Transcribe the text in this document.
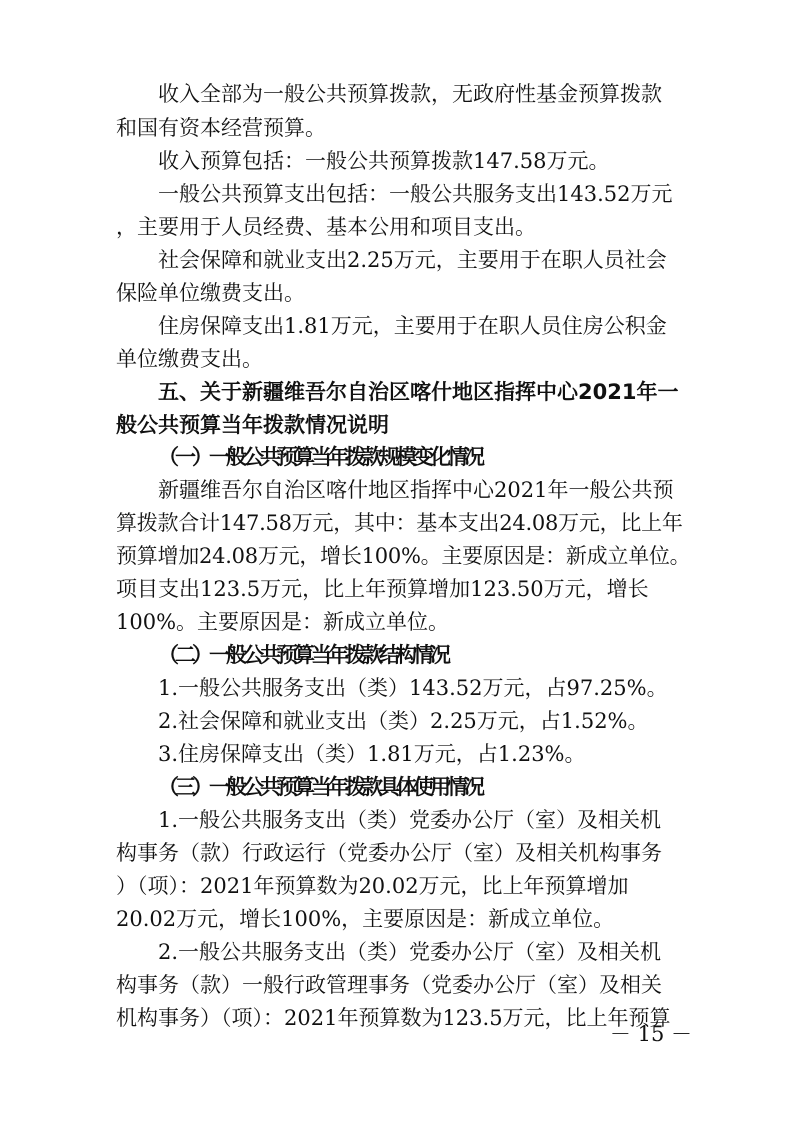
收入全部为一般公共预算拨款，无政府性基金预算拨款
和国有资本经营预算。
收入预算包括：一般公共预算拨款147.58万元。
一般公共预算支出包括：一般公共服务支出143.52万元
，主要用于人员经费、基本公用和项目支出。
社会保障和就业支出2.25万元，主要用于在职人员社会
保险单位缴费支出。
住房保障支出1.81万元，主要用于在职人员住房公积金
单位缴费支出。
五、关于新疆维吾尔自治区喀什地区指挥中心2021年一
般公共预算当年拨款情况说明
（一）一般公共预算当年拨款规模变化情况
新疆维吾尔自治区喀什地区指挥中心2021年一般公共预
算拨款合计147.58万元，其中：基本支出24.08万元，比上年
预算增加24.08万元，增长100%。主要原因是：新成立单位。
项目支出123.5万元，比上年预算增加123.50万元，增长
100%。主要原因是：新成立单位。
（二）一般公共预算当年拨款结构情况
1.一般公共服务支出（类）143.52万元，占97.25%。
2.社会保障和就业支出（类）2.25万元，占1.52%。
3.住房保障支出（类）1.81万元，占1.23%。
（三）一般公共预算当年拨款具体使用情况
1.一般公共服务支出（类）党委办公厅（室）及相关机
构事务（款）行政运行（党委办公厅（室）及相关机构事务
）（项）：2021年预算数为20.02万元，比上年预算增加
20.02万元，增长100%，主要原因是：新成立单位。
2.一般公共服务支出（类）党委办公厅（室）及相关机
构事务（款）一般行政管理事务（党委办公厅（室）及相关
机构事务）（项）：2021年预算数为123.5万元，比上年预算
－ 15 －
